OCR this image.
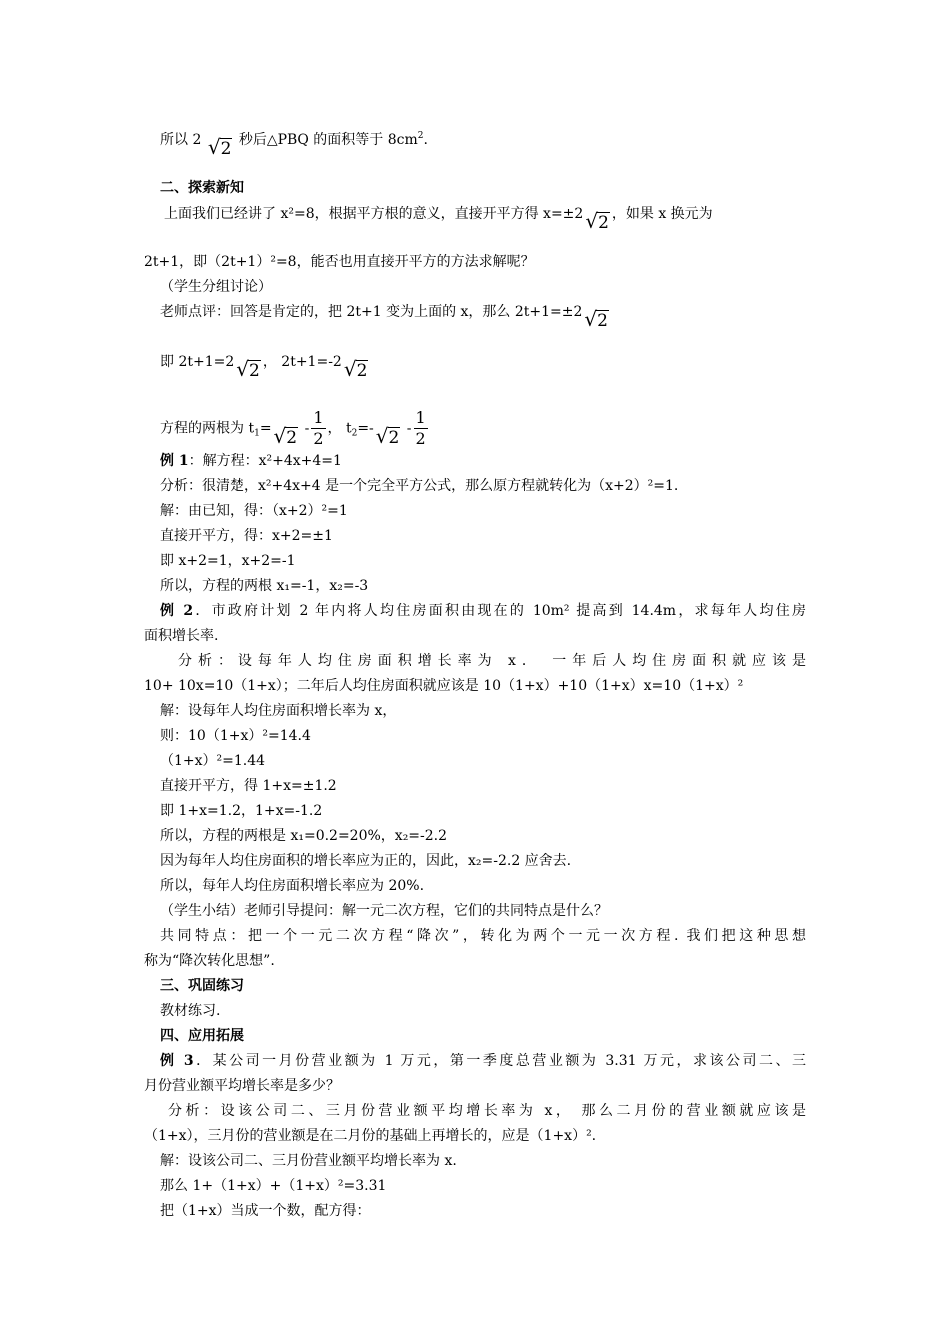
所以 2 √2 秒后△PBQ 的面积等于 $8cm^2$.
二、探索新知
上面我们已经讲了 x²=8，根据平方根的意义，直接开平方得 x=±2 √2 ，如果 x 换元为
2t+1，即（2t+1）²=8，能否也用直接开平方的方法求解呢？
（学生分组讨论）
老师点评：回答是肯定的，把 2t+1 变为上面的 x，那么 2t+1=±2 √2
即 2t+1=2 √2 ， 2t+1=-2 √2
方程的两根为 $t_1= √2 - \frac{1}{2}$ ， $t_2=-$ $√2 - \frac{1}{2}$
例 1：解方程：x²+4x+4=1
分析：很清楚，x²+4x+4 是一个完全平方公式，那么原方程就转化为（x+2）²=1.
解：由已知，得：（x+2）²=1
直接开平方，得：x+2=±1
即 x+2=1，x+2=-1
所以，方程的两根 x₁=-1，x₂=-3
例 2．市政府计划 2 年内将人均住房面积由现在的 10m² 提高到 14.4m，求每年人均住房
面积增长率.
分析：设每年人均住房面积增长率为 x． 一年后人均住房面积就应该是
10+ 10x=10（1+x）；二年后人均住房面积就应该是 10（1+x）+10（1+x）x=10（1+x）²
解：设每年人均住房面积增长率为 x，
则：10（1+x）²=14.4
（1+x）²=1.44
直接开平方，得 1+x=±1.2
即 1+x=1.2，1+x=-1.2
所以，方程的两根是 x₁=0.2=20%，x₂=-2.2
因为每年人均住房面积的增长率应为正的，因此，x₂=-2.2 应舍去.
所以，每年人均住房面积增长率应为 20%.
（学生小结）老师引导提问：解一元二次方程，它们的共同特点是什么？
共同特点：把一个一元二次方程“降次”，转化为两个一元一次方程. 我们把这种思想
称为“降次转化思想”.
三、巩固练习
教材练习.
四、应用拓展
例 3．某公司一月份营业额为 1 万元，第一季度总营业额为 3.31 万元，求该公司二、三
月份营业额平均增长率是多少？
分析：设该公司二、三月份营业额平均增长率为 x， 那么二月份的营业额就应该是
（1+x），三月份的营业额是在二月份的基础上再增长的，应是（1+x）².
解：设该公司二、三月份营业额平均增长率为 x.
那么 1+（1+x）+（1+x）²=3.31
把（1+x）当成一个数，配方得：
